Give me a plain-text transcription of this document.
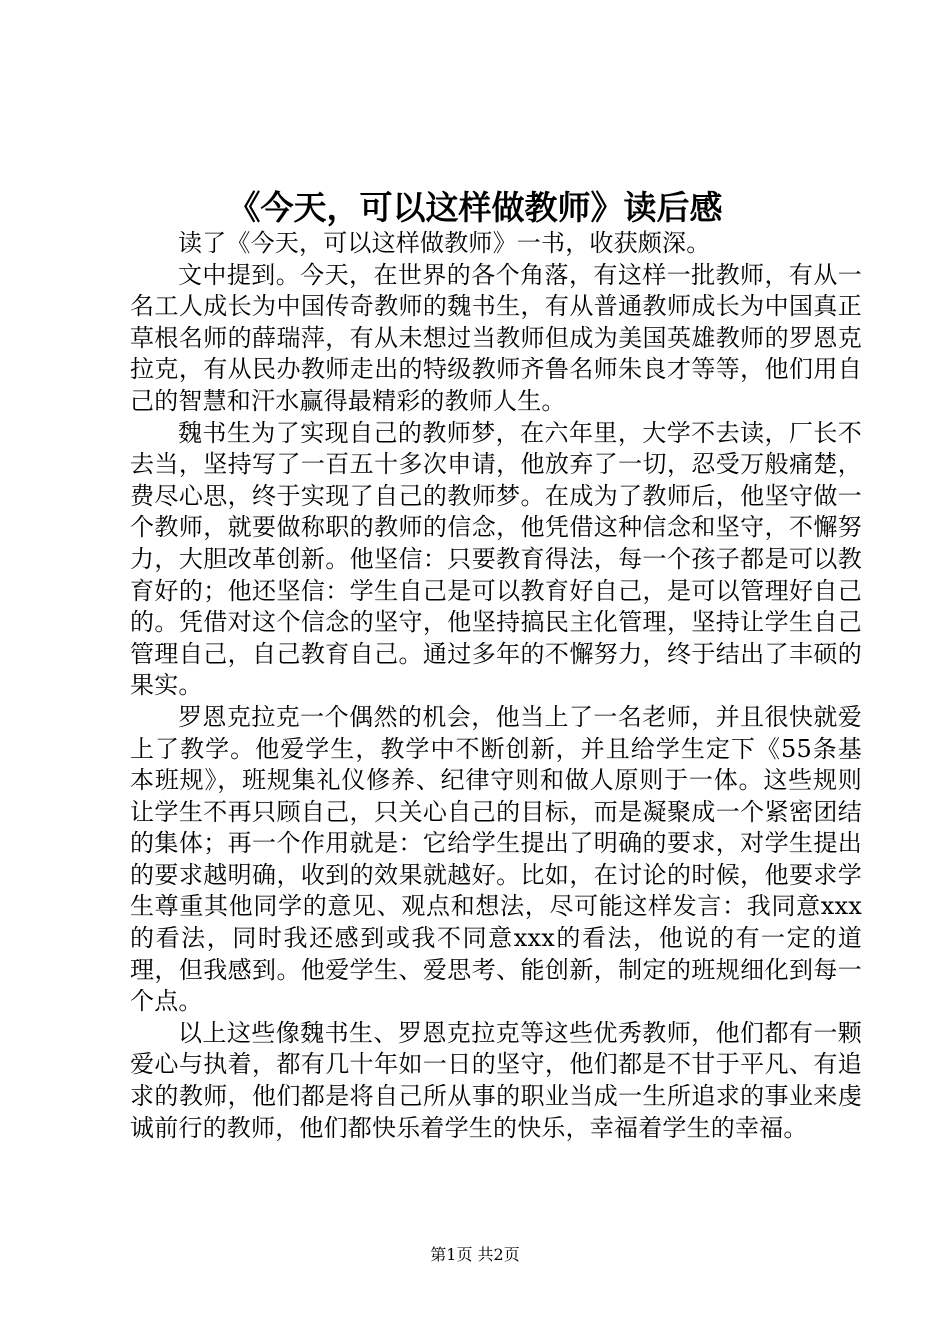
《今天，可以这样做教师》读后感

读了《今天，可以这样做教师》一书，收获颇深。

文中提到。今天，在世界的各个角落，有这样一批教师，有从一名工人成长为中国传奇教师的魏书生，有从普通教师成长为中国真正草根名师的薛瑞萍，有从未想过当教师但成为美国英雄教师的罗恩克拉克，有从民办教师走出的特级教师齐鲁名师朱良才等等，他们用自己的智慧和汗水赢得最精彩的教师人生。

魏书生为了实现自己的教师梦，在六年里，大学不去读，厂长不去当，坚持写了一百五十多次申请，他放弃了一切，忍受万般痛楚，费尽心思，终于实现了自己的教师梦。在成为了教师后，他坚守做一个教师，就要做称职的教师的信念，他凭借这种信念和坚守，不懈努力，大胆改革创新。他坚信：只要教育得法，每一个孩子都是可以教育好的；他还坚信：学生自己是可以教育好自己，是可以管理好自己的。凭借对这个信念的坚守，他坚持搞民主化管理，坚持让学生自己管理自己，自己教育自己。通过多年的不懈努力，终于结出了丰硕的果实。

罗恩克拉克一个偶然的机会，他当上了一名老师，并且很快就爱上了教学。他爱学生，教学中不断创新，并且给学生定下《55条基本班规》，班规集礼仪修养、纪律守则和做人原则于一体。这些规则让学生不再只顾自己，只关心自己的目标，而是凝聚成一个紧密团结的集体；再一个作用就是：它给学生提出了明确的要求，对学生提出的要求越明确，收到的效果就越好。比如，在讨论的时候，他要求学生尊重其他同学的意见、观点和想法，尽可能这样发言：我同意xxx的看法，同时我还感到或我不同意xxx的看法，他说的有一定的道理，但我感到。他爱学生、爱思考、能创新，制定的班规细化到每一个点。

以上这些像魏书生、罗恩克拉克等这些优秀教师，他们都有一颗爱心与执着，都有几十年如一日的坚守，他们都是不甘于平凡、有追求的教师，他们都是将自己所从事的职业当成一生所追求的事业来虔诚前行的教师，他们都快乐着学生的快乐，幸福着学生的幸福。

第1页 共2页
